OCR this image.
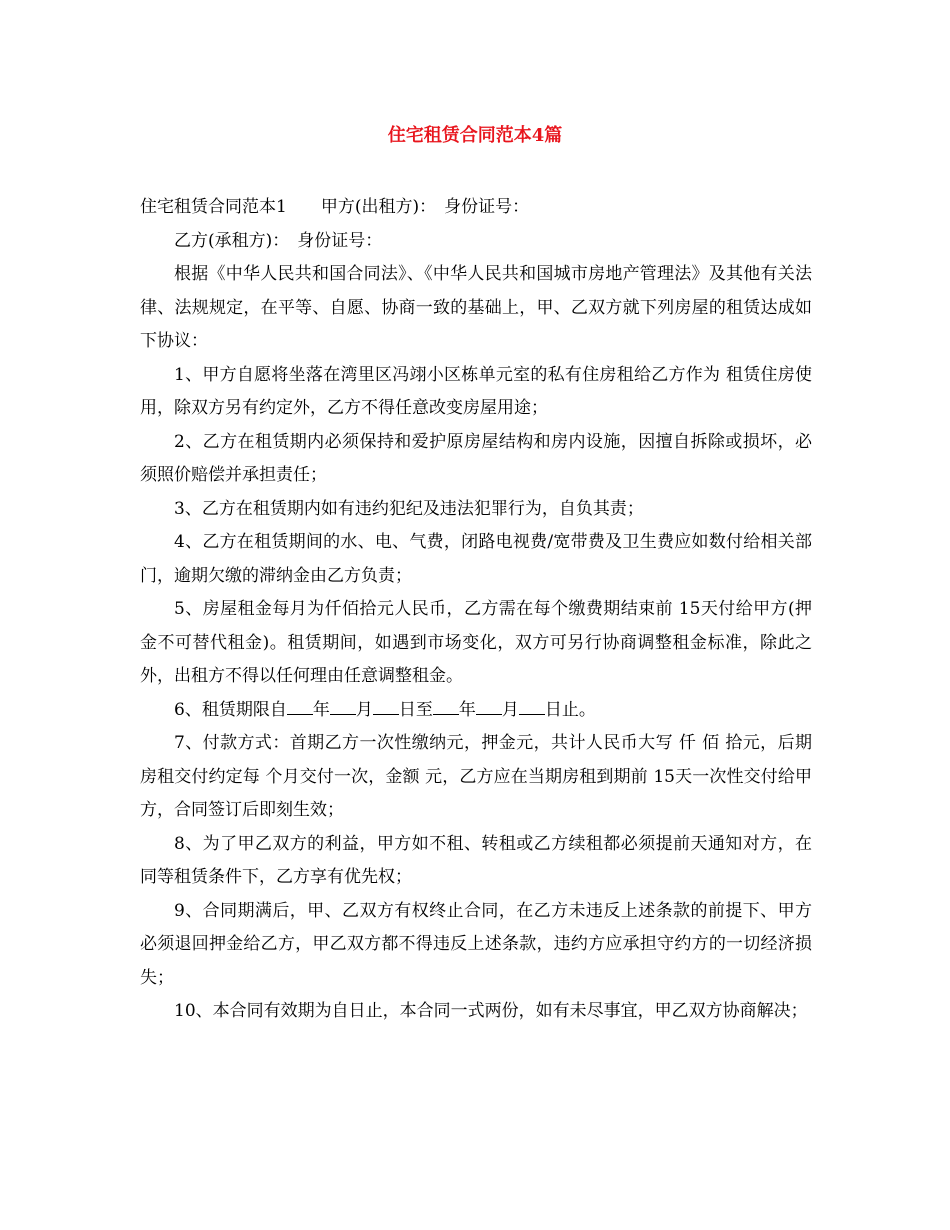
住宅租赁合同范本4篇

住宅租赁合同范本1 甲方(出租方)： 身份证号：

乙方(承租方)： 身份证号：

根据《中华人民共和国合同法》、《中华人民共和国城市房地产管理法》及其他有关法律、法规规定，在平等、自愿、协商一致的基础上，甲、乙双方就下列房屋的租赁达成如下协议：

1、甲方自愿将坐落在湾里区冯翊小区栋单元室的私有住房租给乙方作为 租赁住房使用，除双方另有约定外，乙方不得任意改变房屋用途；

2、乙方在租赁期内必须保持和爱护原房屋结构和房内设施，因擅自拆除或损坏，必须照价赔偿并承担责任；

3、乙方在租赁期内如有违约犯纪及违法犯罪行为，自负其责；

4、乙方在租赁期间的水、电、气费，闭路电视费/宽带费及卫生费应如数付给相关部门，逾期欠缴的滞纳金由乙方负责；

5、房屋租金每月为仟佰拾元人民币，乙方需在每个缴费期结束前 15天付给甲方(押金不可替代租金)。租赁期间，如遇到市场变化，双方可另行协商调整租金标准，除此之外，出租方不得以任何理由任意调整租金。

6、租赁期限自 年 月 日至 年 月 日止。

7、付款方式：首期乙方一次性缴纳元，押金元，共计人民币大写 仟 佰 拾元，后期房租交付约定每 个月交付一次，金额 元，乙方应在当期房租到期前 15天一次性交付给甲方，合同签订后即刻生效；

8、为了甲乙双方的利益，甲方如不租、转租或乙方续租都必须提前天通知对方，在同等租赁条件下，乙方享有优先权；

9、合同期满后，甲、乙双方有权终止合同，在乙方未违反上述条款的前提下、甲方必须退回押金给乙方，甲乙双方都不得违反上述条款，违约方应承担守约方的一切经济损失；

10、本合同有效期为自日止，本合同一式两份，如有未尽事宜，甲乙双方协商解决；
